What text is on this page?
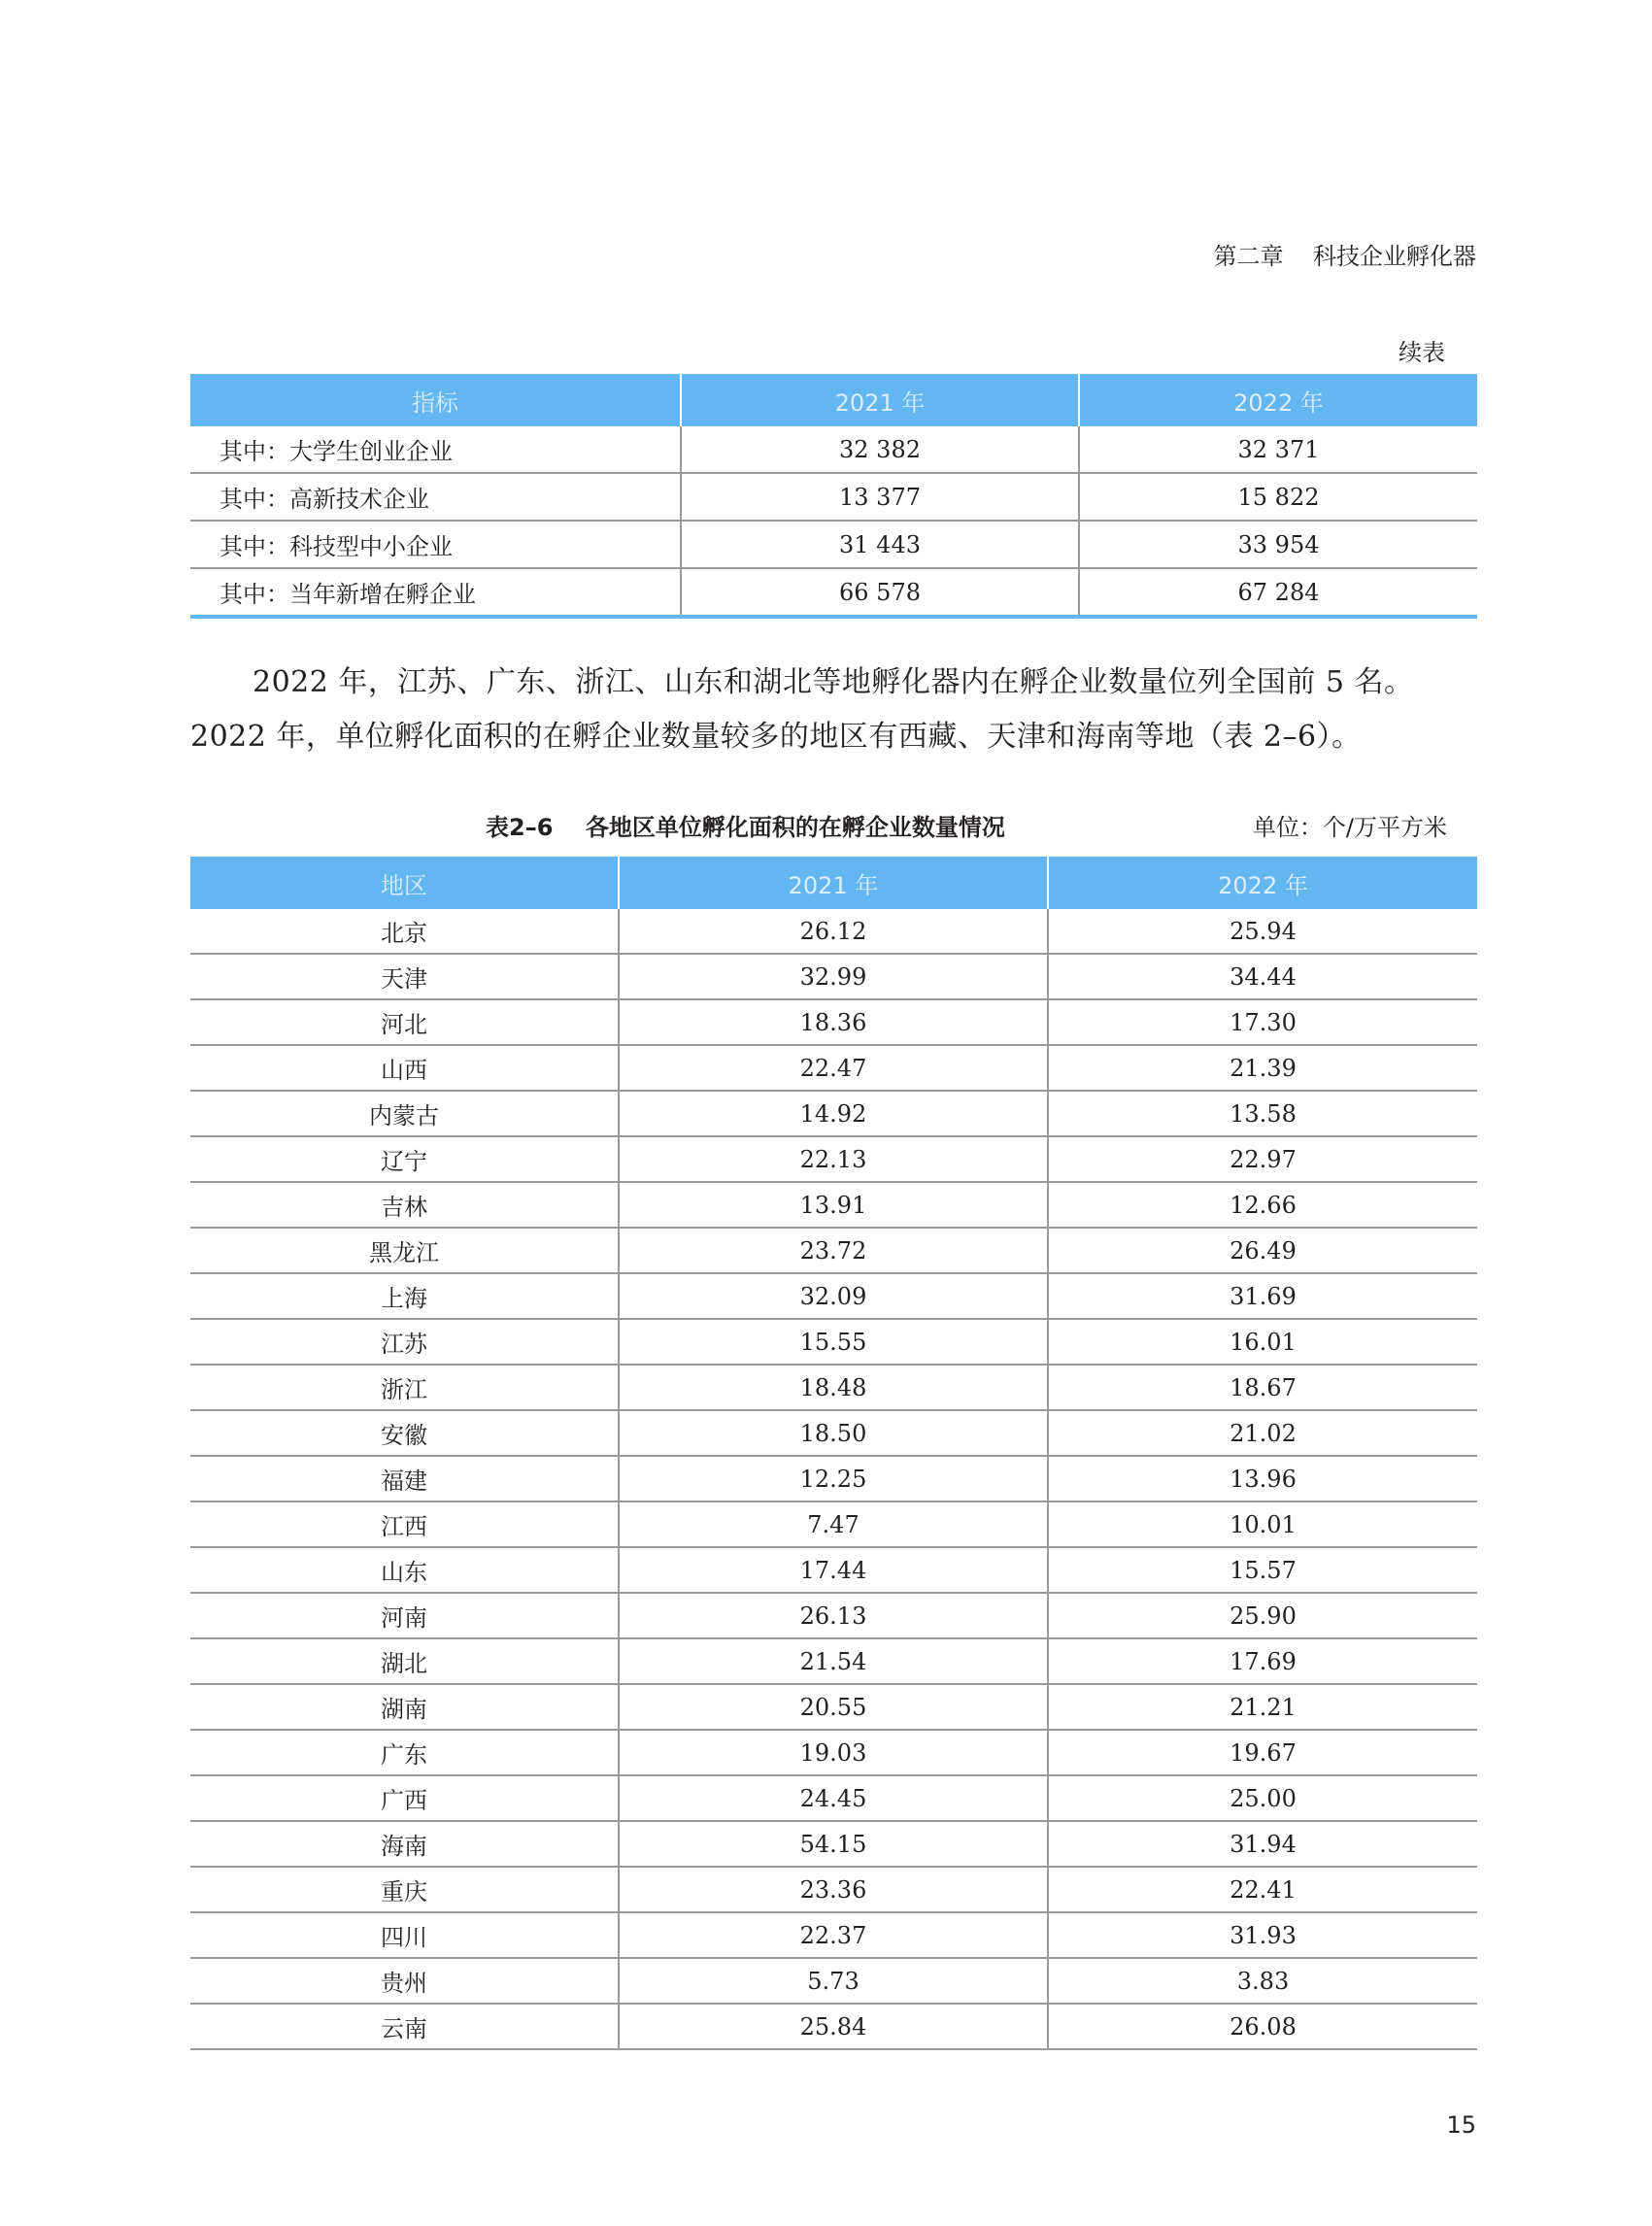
第二章    科技企业孵化器
续表
指标	2021 年	2022 年
其中：大学生创业企业	32 382	32 371
其中：高新技术企业	13 377	15 822
其中：科技型中小企业	31 443	33 954
其中：当年新增在孵企业	66 578	67 284

2022 年，江苏、广东、浙江、山东和湖北等地孵化器内在孵企业数量位列全国前 5 名。2022 年，单位孵化面积的在孵企业数量较多的地区有西藏、天津和海南等地（表 2–6）。

表2–6    各地区单位孵化面积的在孵企业数量情况	单位：个/万平方米
地区	2021 年	2022 年
北京	26.12	25.94
天津	32.99	34.44
河北	18.36	17.30
山西	22.47	21.39
内蒙古	14.92	13.58
辽宁	22.13	22.97
吉林	13.91	12.66
黑龙江	23.72	26.49
上海	32.09	31.69
江苏	15.55	16.01
浙江	18.48	18.67
安徽	18.50	21.02
福建	12.25	13.96
江西	7.47	10.01
山东	17.44	15.57
河南	26.13	25.90
湖北	21.54	17.69
湖南	20.55	21.21
广东	19.03	19.67
广西	24.45	25.00
海南	54.15	31.94
重庆	23.36	22.41
四川	22.37	31.93
贵州	5.73	3.83
云南	25.84	26.08
15
